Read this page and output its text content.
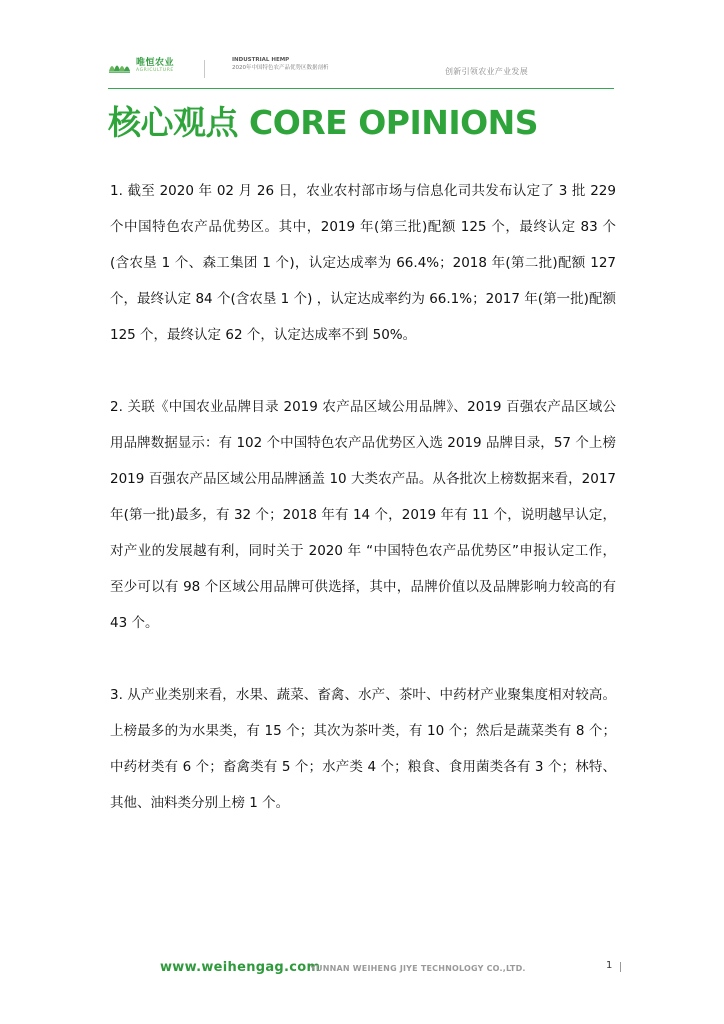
唯恒农业
AGRICULTURE
INDUSTRIAL HEMP
2020年中国特色农产品优势区数据剖析	创新引领农业产业发展
核心观点 CORE OPINIONS

1. 截至 2020 年 02 月 26 日，农业农村部市场与信息化司共发布认定了 3 批 229 个中国特色农产品优势区。其中，2019 年(第三批)配额 125 个，最终认定 83 个(含农垦 1 个、森工集团 1 个)，认定达成率为 66.4%；2018 年(第二批)配额 127 个，最终认定 84 个(含农垦 1 个) ，认定达成率约为 66.1%；2017 年(第一批)配额 125 个，最终认定 62 个，认定达成率不到 50%。

2. 关联《中国农业品牌目录 2019 农产品区域公用品牌》、2019 百强农产品区域公用品牌数据显示：有 102 个中国特色农产品优势区入选 2019 品牌目录，57 个上榜 2019 百强农产品区域公用品牌涵盖 10 大类农产品。从各批次上榜数据来看，2017 年(第一批)最多，有 32 个；2018 年有 14 个，2019 年有 11 个，说明越早认定，对产业的发展越有利，同时关于 2020 年 “中国特色农产品优势区”申报认定工作，至少可以有 98 个区域公用品牌可供选择，其中，品牌价值以及品牌影响力较高的有 43 个。

3. 从产业类别来看，水果、蔬菜、畜禽、水产、茶叶、中药材产业聚集度相对较高。上榜最多的为水果类，有 15 个；其次为茶叶类，有 10 个；然后是蔬菜类有 8 个；中药材类有 6 个；畜禽类有 5 个；水产类 4 个；粮食、食用菌类各有 3 个；林特、其他、油料类分别上榜 1 个。

www.weihengag.com
YUNNAN WEIHENG JIYE TECHNOLOGY CO.,LTD.	1
